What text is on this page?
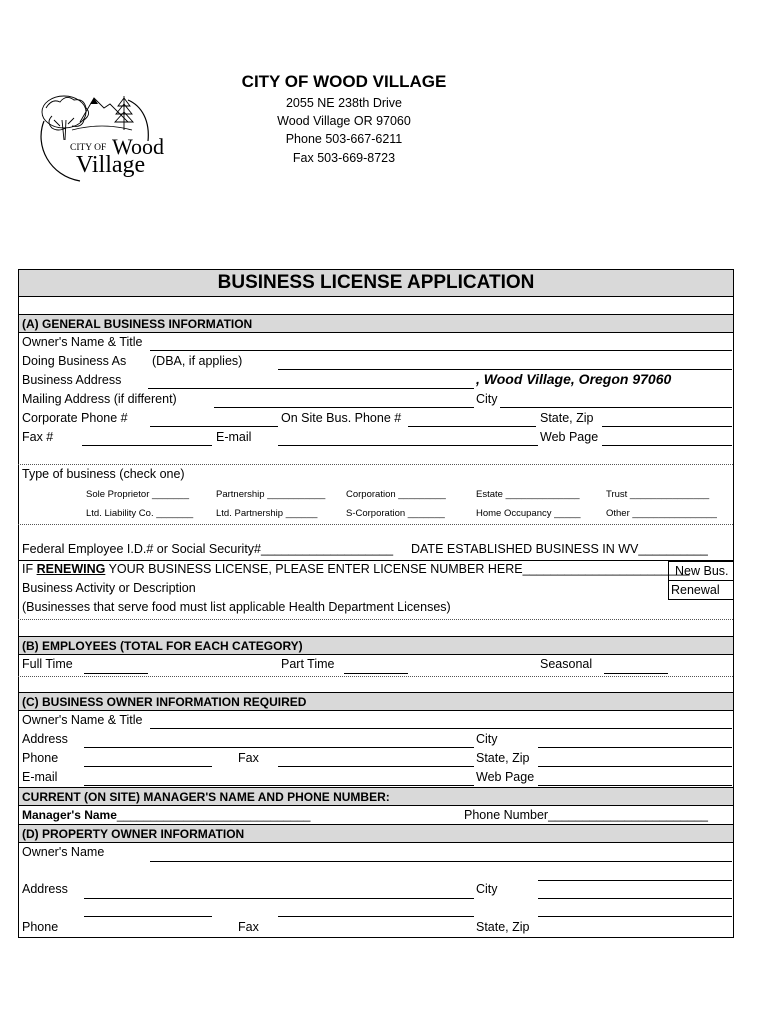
CITY OF Wood
Village
CITY OF WOOD VILLAGE
2055 NE 238th Drive
Wood Village OR 97060
Phone 503-667-6211
Fax 503-669-8723
BUSINESS LICENSE APPLICATION
(A) GENERAL BUSINESS INFORMATION
Owner's Name & Title
Doing Business As (DBA, if applies)
Business Address	, Wood Village, Oregon 97060
Mailing Address (if different)	City
Corporate Phone #	On Site Bus. Phone #	State, Zip
Fax #	E-mail	Web Page
Type of business (check one)
Sole Proprietor _______	Partnership ___________ Corporation _________	Estate ______________	Trust _______________
Ltd. Liability Co. _______ Ltd. Partnership ______	S-Corporation _______	Home Occupancy _____	Other ________________
Federal Employee I.D.# or Social Security#___________________ DATE ESTABLISHED BUSINESS IN WV__________
IF RENEWING YOUR BUSINESS LICENSE, PLEASE ENTER LICENSE NUMBER HERE________________________
New Bus.
Renewal
Business Activity or Description
(Businesses that serve food must list applicable Health Department Licenses)
(B) EMPLOYEES (TOTAL FOR EACH CATEGORY)
Full Time	Part Time	Seasonal
(C) BUSINESS OWNER INFORMATION REQUIRED
Owner's Name & Title
Address	City
Phone	Fax	State, Zip
E-mail	Web Page
CURRENT (ON SITE) MANAGER'S NAME AND PHONE NUMBER:
Manager's Name_____________________________	Phone Number_______________________
(D) PROPERTY OWNER INFORMATION
Owner's Name
Address	City
Phone	Fax	State, Zip
